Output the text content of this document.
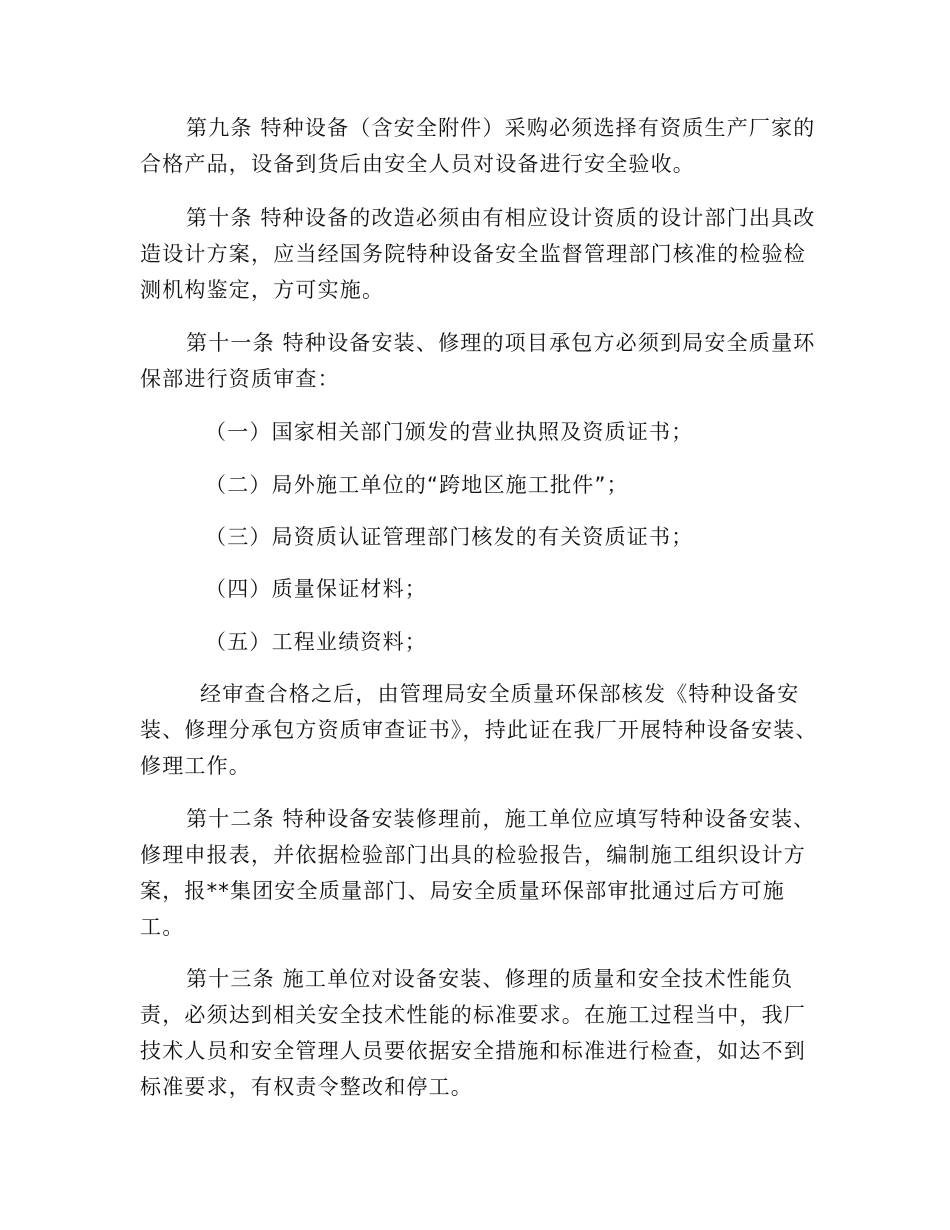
第九条 特种设备（含安全附件）采购必须选择有资质生产厂家的合格产品，设备到货后由安全人员对设备进行安全验收。

第十条 特种设备的改造必须由有相应设计资质的设计部门出具改造设计方案，应当经国务院特种设备安全监督管理部门核准的检验检测机构鉴定，方可实施。

第十一条 特种设备安装、修理的项目承包方必须到局安全质量环保部进行资质审查：

（一）国家相关部门颁发的营业执照及资质证书；

（二）局外施工单位的“跨地区施工批件”；

（三）局资质认证管理部门核发的有关资质证书；

（四）质量保证材料；

（五）工程业绩资料；

经审查合格之后，由管理局安全质量环保部核发《特种设备安装、修理分承包方资质审查证书》，持此证在我厂开展特种设备安装、修理工作。

第十二条 特种设备安装修理前，施工单位应填写特种设备安装、修理申报表，并依据检验部门出具的检验报告，编制施工组织设计方案，报**集团安全质量部门、局安全质量环保部审批通过后方可施工。

第十三条 施工单位对设备安装、修理的质量和安全技术性能负责，必须达到相关安全技术性能的标准要求。在施工过程当中，我厂技术人员和安全管理人员要依据安全措施和标准进行检查，如达不到标准要求，有权责令整改和停工。
